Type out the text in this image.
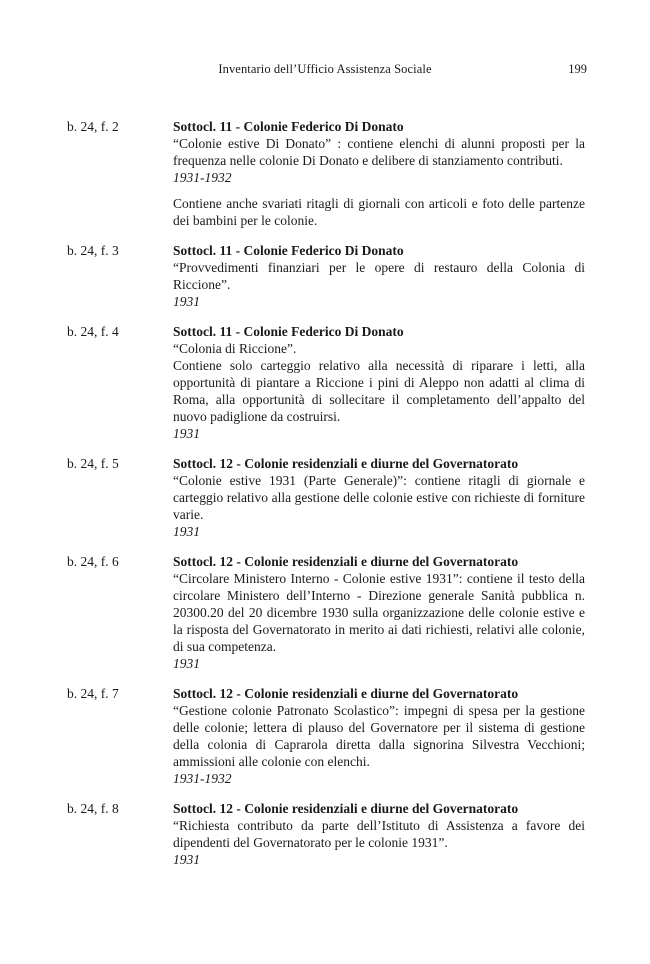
Inventario dell’Ufficio Assistenza Sociale	199
b. 24, f. 2	Sottocl. 11 - Colonie Federico Di Donato
“Colonie estive Di Donato” : contiene elenchi di alunni proposti per la frequenza nelle colonie Di Donato e delibere di stanziamento contributi.
1931-1932
Contiene anche svariati ritagli di giornali con articoli e foto delle partenze dei bambini per le colonie.
b. 24, f. 3	Sottocl. 11 - Colonie Federico Di Donato
“Provvedimenti finanziari per le opere di restauro della Colonia di Riccione”.
1931
b. 24, f. 4	Sottocl. 11 - Colonie Federico Di Donato
“Colonia di Riccione”.
Contiene solo carteggio relativo alla necessità di riparare i letti, alla opportunità di piantare a Riccione i pini di Aleppo non adatti al clima di Roma, alla opportunità di sollecitare il completamento dell’appalto del nuovo padiglione da costruirsi.
1931
b. 24, f. 5	Sottocl. 12 - Colonie residenziali e diurne del Governatorato
“Colonie estive 1931 (Parte Generale)”: contiene ritagli di giornale e carteggio relativo alla gestione delle colonie estive con richieste di forniture varie.
1931
b. 24, f. 6	Sottocl. 12 - Colonie residenziali e diurne del Governatorato
“Circolare Ministero Interno - Colonie estive 1931”: contiene il testo della circolare Ministero dell’Interno - Direzione generale Sanità pubblica n. 20300.20 del 20 dicembre 1930 sulla organizzazione delle colonie estive e la risposta del Governatorato in merito ai dati richiesti, relativi alle colonie, di sua competenza.
1931
b. 24, f. 7	Sottocl. 12 - Colonie residenziali e diurne del Governatorato
“Gestione colonie Patronato Scolastico”: impegni di spesa per la gestione delle colonie; lettera di plauso del Governatore per il sistema di gestione della colonia di Caprarola diretta dalla signorina Silvestra Vecchioni; ammissioni alle colonie con elenchi.
1931-1932
b. 24, f. 8	Sottocl. 12 - Colonie residenziali e diurne del Governatorato
“Richiesta contributo da parte dell’Istituto di Assistenza a favore dei dipendenti del Governatorato per le colonie 1931”.
1931
